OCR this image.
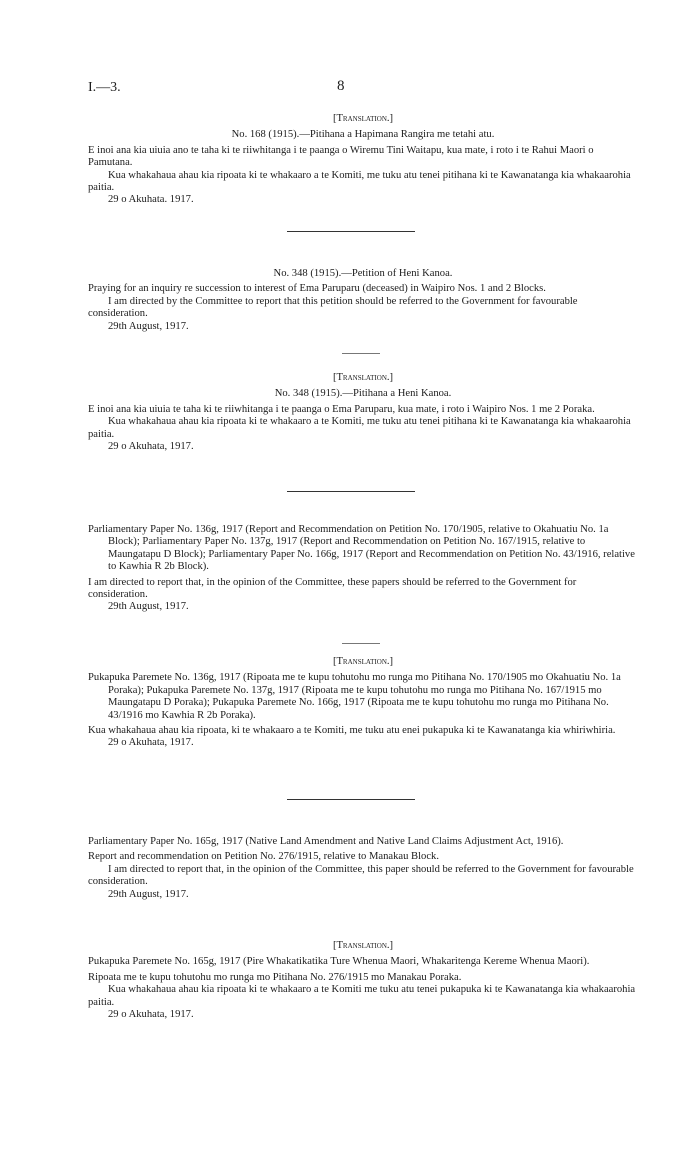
I.—3.	8

[Translation.]

No. 168 (1915).—Pitihana a Hapimana Rangira me tetahi atu.

E inoi ana kia uiuia ano te taha ki te riiwhitanga i te paanga o Wiremu Tini Waitapu, kua mate, i roto i te Rahui Maori o Pamutana.

Kua whakahaua ahau kia ripoata ki te whakaaro a te Komiti, me tuku atu tenei pitihana ki te Kawanatanga kia whakaarohia paitia.

29 o Akuhata. 1917.

No. 348 (1915).—Petition of Heni Kanoa.

Praying for an inquiry re succession to interest of Ema Paruparu (deceased) in Waipiro Nos. 1 and 2 Blocks.

I am directed by the Committee to report that this petition should be referred to the Government for favourable consideration.

29th August, 1917.

[Translation.]

No. 348 (1915).—Pitihana a Heni Kanoa.

E inoi ana kia uiuia te taha ki te riiwhitanga i te paanga o Ema Paruparu, kua mate, i roto i Waipiro Nos. 1 me 2 Poraka.

Kua whakahaua ahau kia ripoata ki te whakaaro a te Komiti, me tuku atu tenei pitihana ki te Kawanatanga kia whakaarohia paitia.

29 o Akuhata, 1917.

Parliamentary Paper No. 136g, 1917 (Report and Recommendation on Petition No. 170/1905, relative to Okahuatiu No. 1a Block); Parliamentary Paper No. 137g, 1917 (Report and Recommendation on Petition No. 167/1915, relative to Maungatapu D Block); Parliamentary Paper No. 166g, 1917 (Report and Recommendation on Petition No. 43/1916, relative to Kawhia R 2b Block).

I am directed to report that, in the opinion of the Committee, these papers should be referred to the Government for consideration.

29th August, 1917.

[Translation.]

Pukapuka Paremete No. 136g, 1917 (Ripoata me te kupu tohutohu mo runga mo Pitihana No. 170/1905 mo Okahuatiu No. 1a Poraka); Pukapuka Paremete No. 137g, 1917 (Ripoata me te kupu tohutohu mo runga mo Pitihana No. 167/1915 mo Maungatapu D Poraka); Pukapuka Paremete No. 166g, 1917 (Ripoata me te kupu tohutohu mo runga mo Pitihana No. 43/1916 mo Kawhia R 2b Poraka).

Kua whakahaua ahau kia ripoata, ki te whakaaro a te Komiti, me tuku atu enei pukapuka ki te Kawanatanga kia whiriwhiria.

29 o Akuhata, 1917.

Parliamentary Paper No. 165g, 1917 (Native Land Amendment and Native Land Claims Adjustment Act, 1916).

Report and recommendation on Petition No. 276/1915, relative to Manakau Block.

I am directed to report that, in the opinion of the Committee, this paper should be referred to the Government for favourable consideration.

29th August, 1917.

[Translation.]

Pukapuka Paremete No. 165g, 1917 (Pire Whakatikatika Ture Whenua Maori, Whakaritenga Kereme Whenua Maori).

Ripoata me te kupu tohutohu mo runga mo Pitihana No. 276/1915 mo Manakau Poraka.

Kua whakahaua ahau kia ripoata ki te whakaaro a te Komiti me tuku atu tenei pukapuka ki te Kawanatanga kia whakaarohia paitia.

29 o Akuhata, 1917.
